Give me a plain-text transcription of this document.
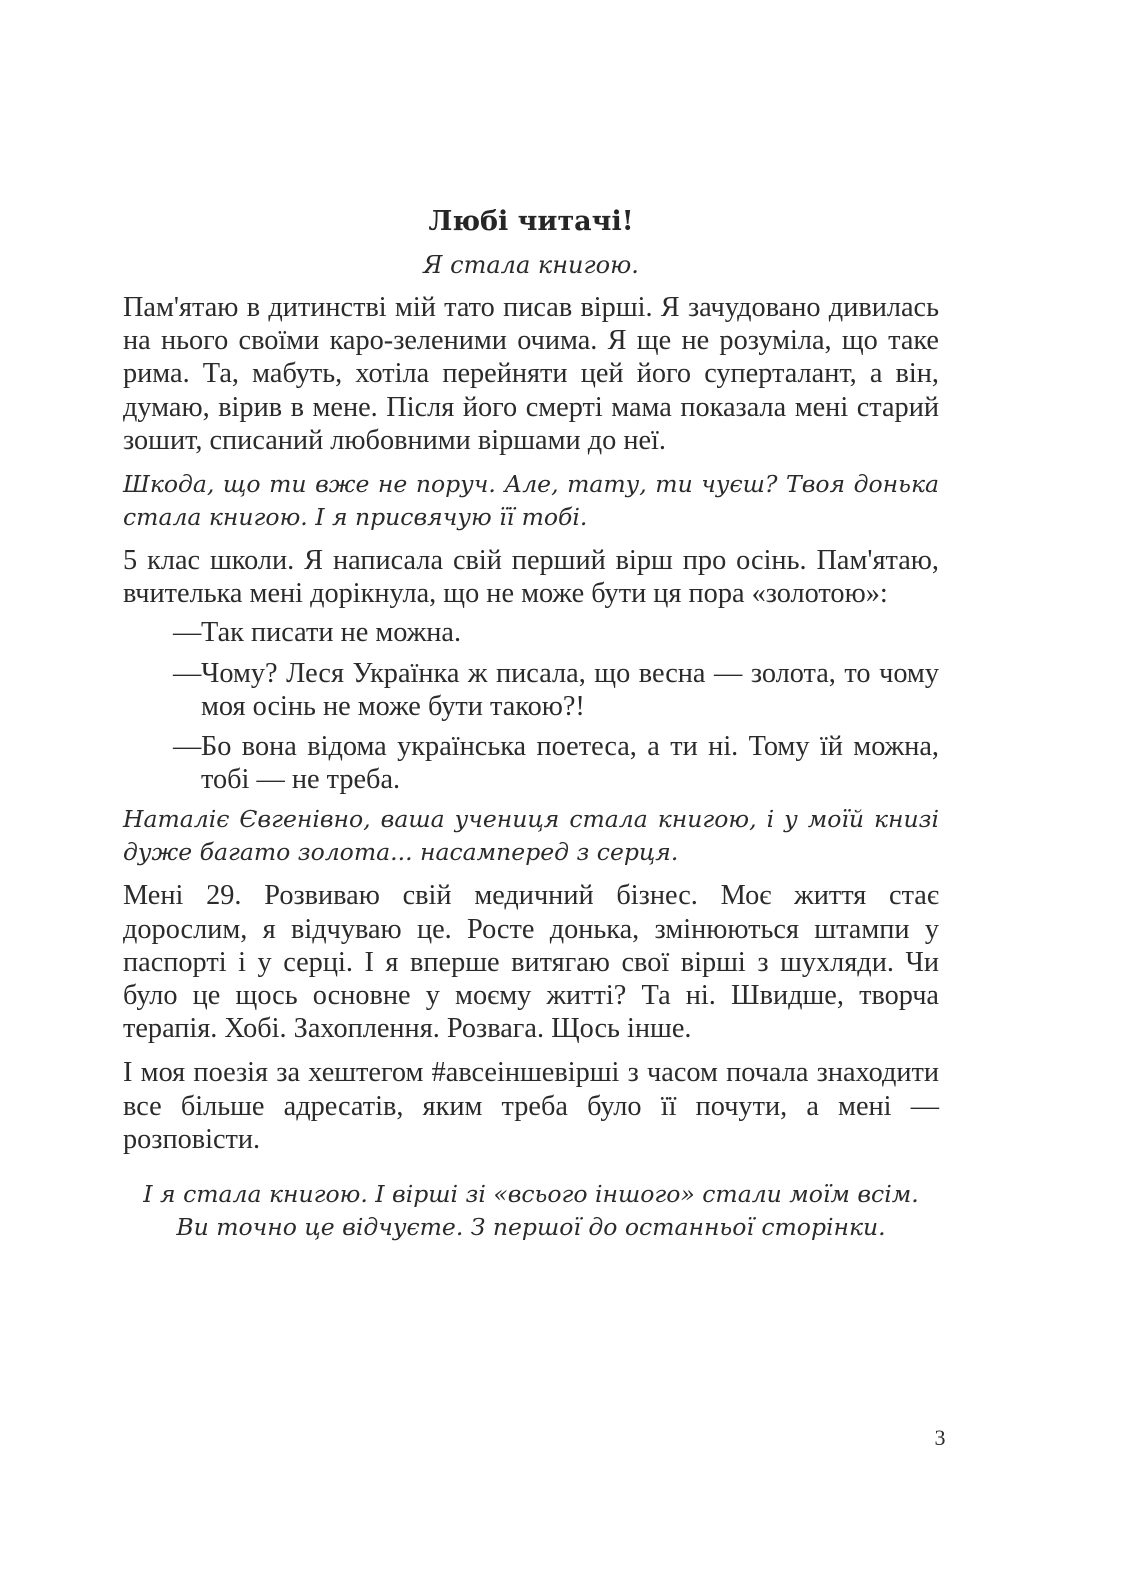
Любі читачі!
Я стала книгою.

Пам'ятаю в дитинстві мій тато писав вірші. Я зачудовано дивилась на нього своїми каро-зеленими очима. Я ще не розуміла, що таке рима. Та, мабуть, хотіла перейняти цей його суперталант, а він, думаю, вірив в мене. Після його смерті мама показала мені старий зошит, списаний любовними віршами до неї.

Шкода, що ти вже не поруч. Але, тату, ти чуєш? Твоя донька стала книгою. І я присвячую її тобі.

5 клас школи. Я написала свій перший вірш про осінь. Пам'ятаю, вчителька мені дорікнула, що не може бути ця пора «золотою»:

— Так писати не можна.
— Чому? Леся Українка ж писала, що весна — золота, то чому моя осінь не може бути такою?!
— Бо вона відома українська поетеса, а ти ні. Тому їй можна, тобі — не треба.

Наталіє Євгенівно, ваша учениця стала книгою, і у моїй книзі дуже багато золота... насамперед з серця.

Мені 29. Розвиваю свій медичний бізнес. Моє життя стає дорослим, я відчуваю це. Росте донька, змінюються штампи у паспорті і у серці. І я вперше витягаю свої вірші з шухляди. Чи було це щось основне у моєму житті? Та ні. Швидше, творча терапія. Хобі. Захоплення. Розвага. Щось інше.

І моя поезія за хештегом #авсеіншевірші з часом почала знаходити все більше адресатів, яким треба було її почути, а мені — розповісти.

І я стала книгою. І вірші зі «всього іншого» стали моїм всім. Ви точно це відчуєте. З першої до останньої сторінки.
3
